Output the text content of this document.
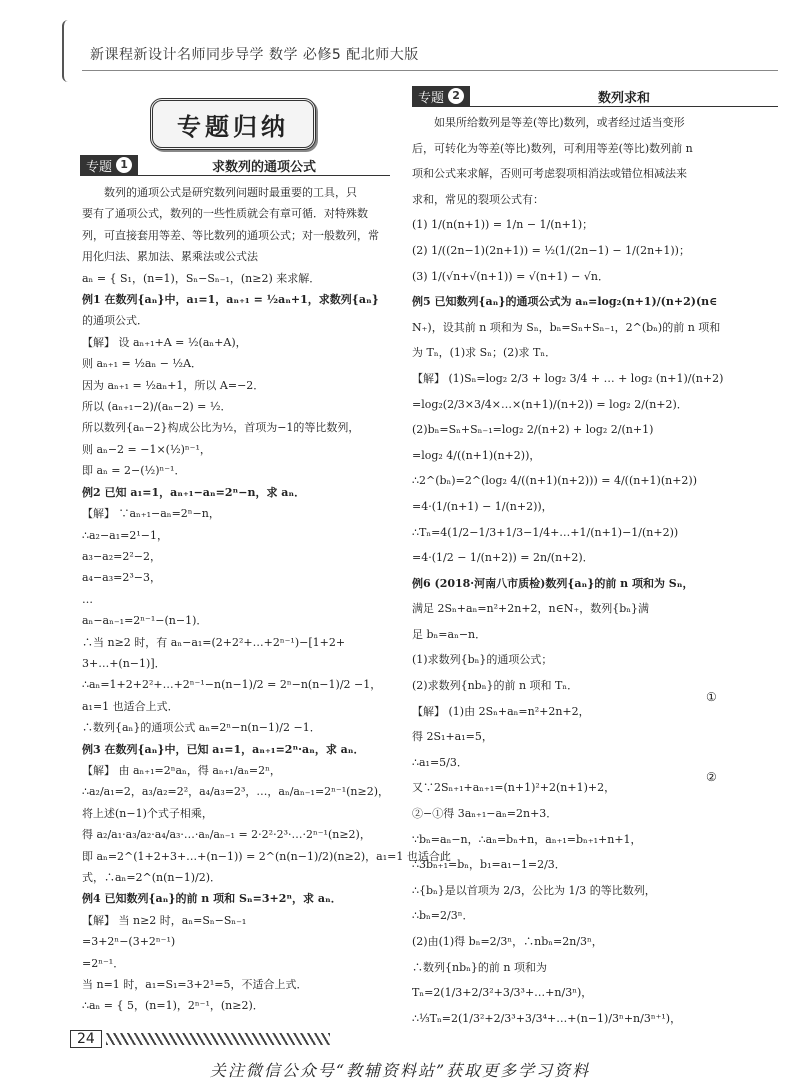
新课程新设计名师同步导学 数学 必修5 配北师大版
专题归纳
专题 1	求数列的通项公式
专题 2	数列求和

　　数列的通项公式是研究数列问题时最重要的工具，只

要有了通项公式，数列的一些性质就会有章可循．对特殊数

列，可直接套用等差、等比数列的通项公式；对一般数列，常

用化归法、累加法、累乘法或公式法

aₙ = { S₁，(n=1)，Sₙ−Sₙ₋₁，(n≥2) 来求解．

例1 在数列{aₙ}中，a₁=1，aₙ₊₁ = ½aₙ+1，求数列{aₙ}

的通项公式．

【解】 设 aₙ₊₁+A = ½(aₙ+A)，

则 aₙ₊₁ = ½aₙ − ½A．

因为 aₙ₊₁ = ½aₙ+1，所以 A=−2．

所以 (aₙ₊₁−2)/(aₙ−2) = ½．

所以数列{aₙ−2}构成公比为½，首项为−1的等比数列，

则 aₙ−2 = −1×(½)ⁿ⁻¹，

即 aₙ = 2−(½)ⁿ⁻¹．

例2 已知 a₁=1，aₙ₊₁−aₙ=2ⁿ−n，求 aₙ．

【解】 ∵aₙ₊₁−aₙ=2ⁿ−n，

∴a₂−a₁=2¹−1，

a₃−a₂=2²−2，

a₄−a₃=2³−3，

…

aₙ−aₙ₋₁=2ⁿ⁻¹−(n−1)．

∴当 n≥2 时，有 aₙ−a₁=(2+2²+…+2ⁿ⁻¹)−[1+2+

3+…+(n−1)]．

∴aₙ=1+2+2²+…+2ⁿ⁻¹−n(n−1)/2 = 2ⁿ−n(n−1)/2 −1，

a₁=1 也适合上式．

∴数列{aₙ}的通项公式 aₙ=2ⁿ−n(n−1)/2 −1．

例3 在数列{aₙ}中，已知 a₁=1，aₙ₊₁=2ⁿ·aₙ，求 aₙ．

【解】 由 aₙ₊₁=2ⁿaₙ，得 aₙ₊₁/aₙ=2ⁿ，

∴a₂/a₁=2，a₃/a₂=2²，a₄/a₃=2³，…，aₙ/aₙ₋₁=2ⁿ⁻¹(n≥2)，

将上述(n−1)个式子相乘，

得 a₂/a₁·a₃/a₂·a₄/a₃·…·aₙ/aₙ₋₁ = 2·2²·2³·…·2ⁿ⁻¹(n≥2)，

即 aₙ=2^(1+2+3+…+(n−1)) = 2^(n(n−1)/2)(n≥2)，a₁=1 也适合此

式，∴aₙ=2^(n(n−1)/2)．

例4 已知数列{aₙ}的前 n 项和 Sₙ=3+2ⁿ，求 aₙ．

【解】 当 n≥2 时，aₙ=Sₙ−Sₙ₋₁

=3+2ⁿ−(3+2ⁿ⁻¹)

=2ⁿ⁻¹．

当 n=1 时，a₁=S₁=3+2¹=5，不适合上式．

∴aₙ = { 5，(n=1)，2ⁿ⁻¹，(n≥2)．

　　如果所给数列是等差(等比)数列，或者经过适当变形

后，可转化为等差(等比)数列，可利用等差(等比)数列前 n

项和公式来求解，否则可考虑裂项相消法或错位相减法来

求和，常见的裂项公式有：

(1) 1/(n(n+1)) = 1/n − 1/(n+1)；

(2) 1/((2n−1)(2n+1)) = ½(1/(2n−1) − 1/(2n+1))；

(3) 1/(√n+√(n+1)) = √(n+1) − √n．

例5 已知数列{aₙ}的通项公式为 aₙ=log₂(n+1)/(n+2)(n∈

N₊)，设其前 n 项和为 Sₙ，bₙ=Sₙ+Sₙ₋₁，2^(bₙ)的前 n 项和

为 Tₙ，(1)求 Sₙ；(2)求 Tₙ．

【解】 (1)Sₙ=log₂ 2/3 + log₂ 3/4 + … + log₂ (n+1)/(n+2)

=log₂(2/3×3/4×…×(n+1)/(n+2)) = log₂ 2/(n+2)．

(2)bₙ=Sₙ+Sₙ₋₁=log₂ 2/(n+2) + log₂ 2/(n+1)

=log₂ 4/((n+1)(n+2))，

∴2^(bₙ)=2^(log₂ 4/((n+1)(n+2))) = 4/((n+1)(n+2))

=4·(1/(n+1) − 1/(n+2))，

∴Tₙ=4(1/2−1/3+1/3−1/4+…+1/(n+1)−1/(n+2))

=4·(1/2 − 1/(n+2)) = 2n/(n+2)．

例6 (2018·河南八市质检)数列{aₙ}的前 n 项和为 Sₙ，

满足 2Sₙ+aₙ=n²+2n+2，n∈N₊，数列{bₙ}满

足 bₙ=aₙ−n．

(1)求数列{bₙ}的通项公式；

(2)求数列{nbₙ}的前 n 项和 Tₙ．

【解】 (1)由 2Sₙ+aₙ=n²+2n+2，

得 2S₁+a₁=5，

∴a₁=5/3．

又∵2Sₙ₊₁+aₙ₊₁=(n+1)²+2(n+1)+2，

②−①得 3aₙ₊₁−aₙ=2n+3．

∵bₙ=aₙ−n，∴aₙ=bₙ+n，aₙ₊₁=bₙ₊₁+n+1，

∴3bₙ₊₁=bₙ，b₁=a₁−1=2/3．

∴{bₙ}是以首项为 2/3，公比为 1/3 的等比数列，

∴bₙ=2/3ⁿ．

(2)由(1)得 bₙ=2/3ⁿ，∴nbₙ=2n/3ⁿ，

∴数列{nbₙ}的前 n 项和为

Tₙ=2(1/3+2/3²+3/3³+…+n/3ⁿ)，

∴⅓Tₙ=2(1/3²+2/3³+3/3⁴+…+(n−1)/3ⁿ+n/3ⁿ⁺¹)，

①
②
24
关注微信公众号“教辅资料站”获取更多学习资料
